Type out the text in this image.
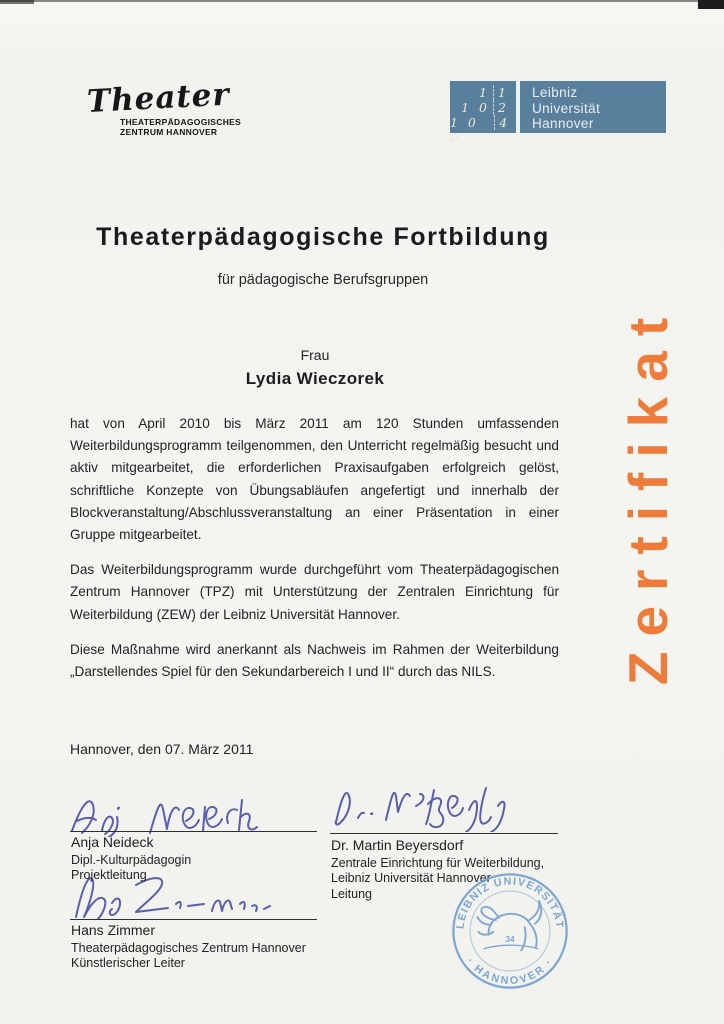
Theater
THEATERPÄDAGOGISCHES
ZENTRUM HANNOVER
1 1
1 0 2
1 0 0
4
Leibniz
Universität
Hannover
Theaterpädagogische Fortbildung
für pädagogische Berufsgruppen
Frau
Lydia Wieczorek

hat von April 2010 bis März 2011 am 120 Stunden umfassenden Weiterbildungsprogramm teilgenommen, den Unterricht regelmäßig besucht und aktiv mitgearbeitet, die erforderlichen Praxisaufgaben erfolgreich gelöst, schriftliche Konzepte von Übungsabläufen angefertigt und innerhalb der Blockveranstaltung/Abschlussveranstaltung an einer Präsentation in einer Gruppe mitgearbeitet.

Das Weiterbildungsprogramm wurde durchgeführt vom Theaterpädagogischen Zentrum Hannover (TPZ) mit Unterstützung der Zentralen Einrichtung für Weiterbildung (ZEW) der Leibniz Universität Hannover.

Diese Maßnahme wird anerkannt als Nachweis im Rahmen der Weiterbildung „Darstellendes Spiel für den Sekundarbereich I und II“ durch das NILS.	Zertifikat
Hannover, den 07. März 2011
Anja Neideck
Dipl.-Kulturpädagogin
Projektleitung
Dr. Martin Beyersdorf
Zentrale Einrichtung für Weiterbildung,
Leibniz Universität Hannover
Leitung
Hans Zimmer
Theaterpädagogisches Zentrum Hannover
Künstlerischer Leiter
LEIBNIZ UNIVERSITÄT
· HANNOVER ·
34
